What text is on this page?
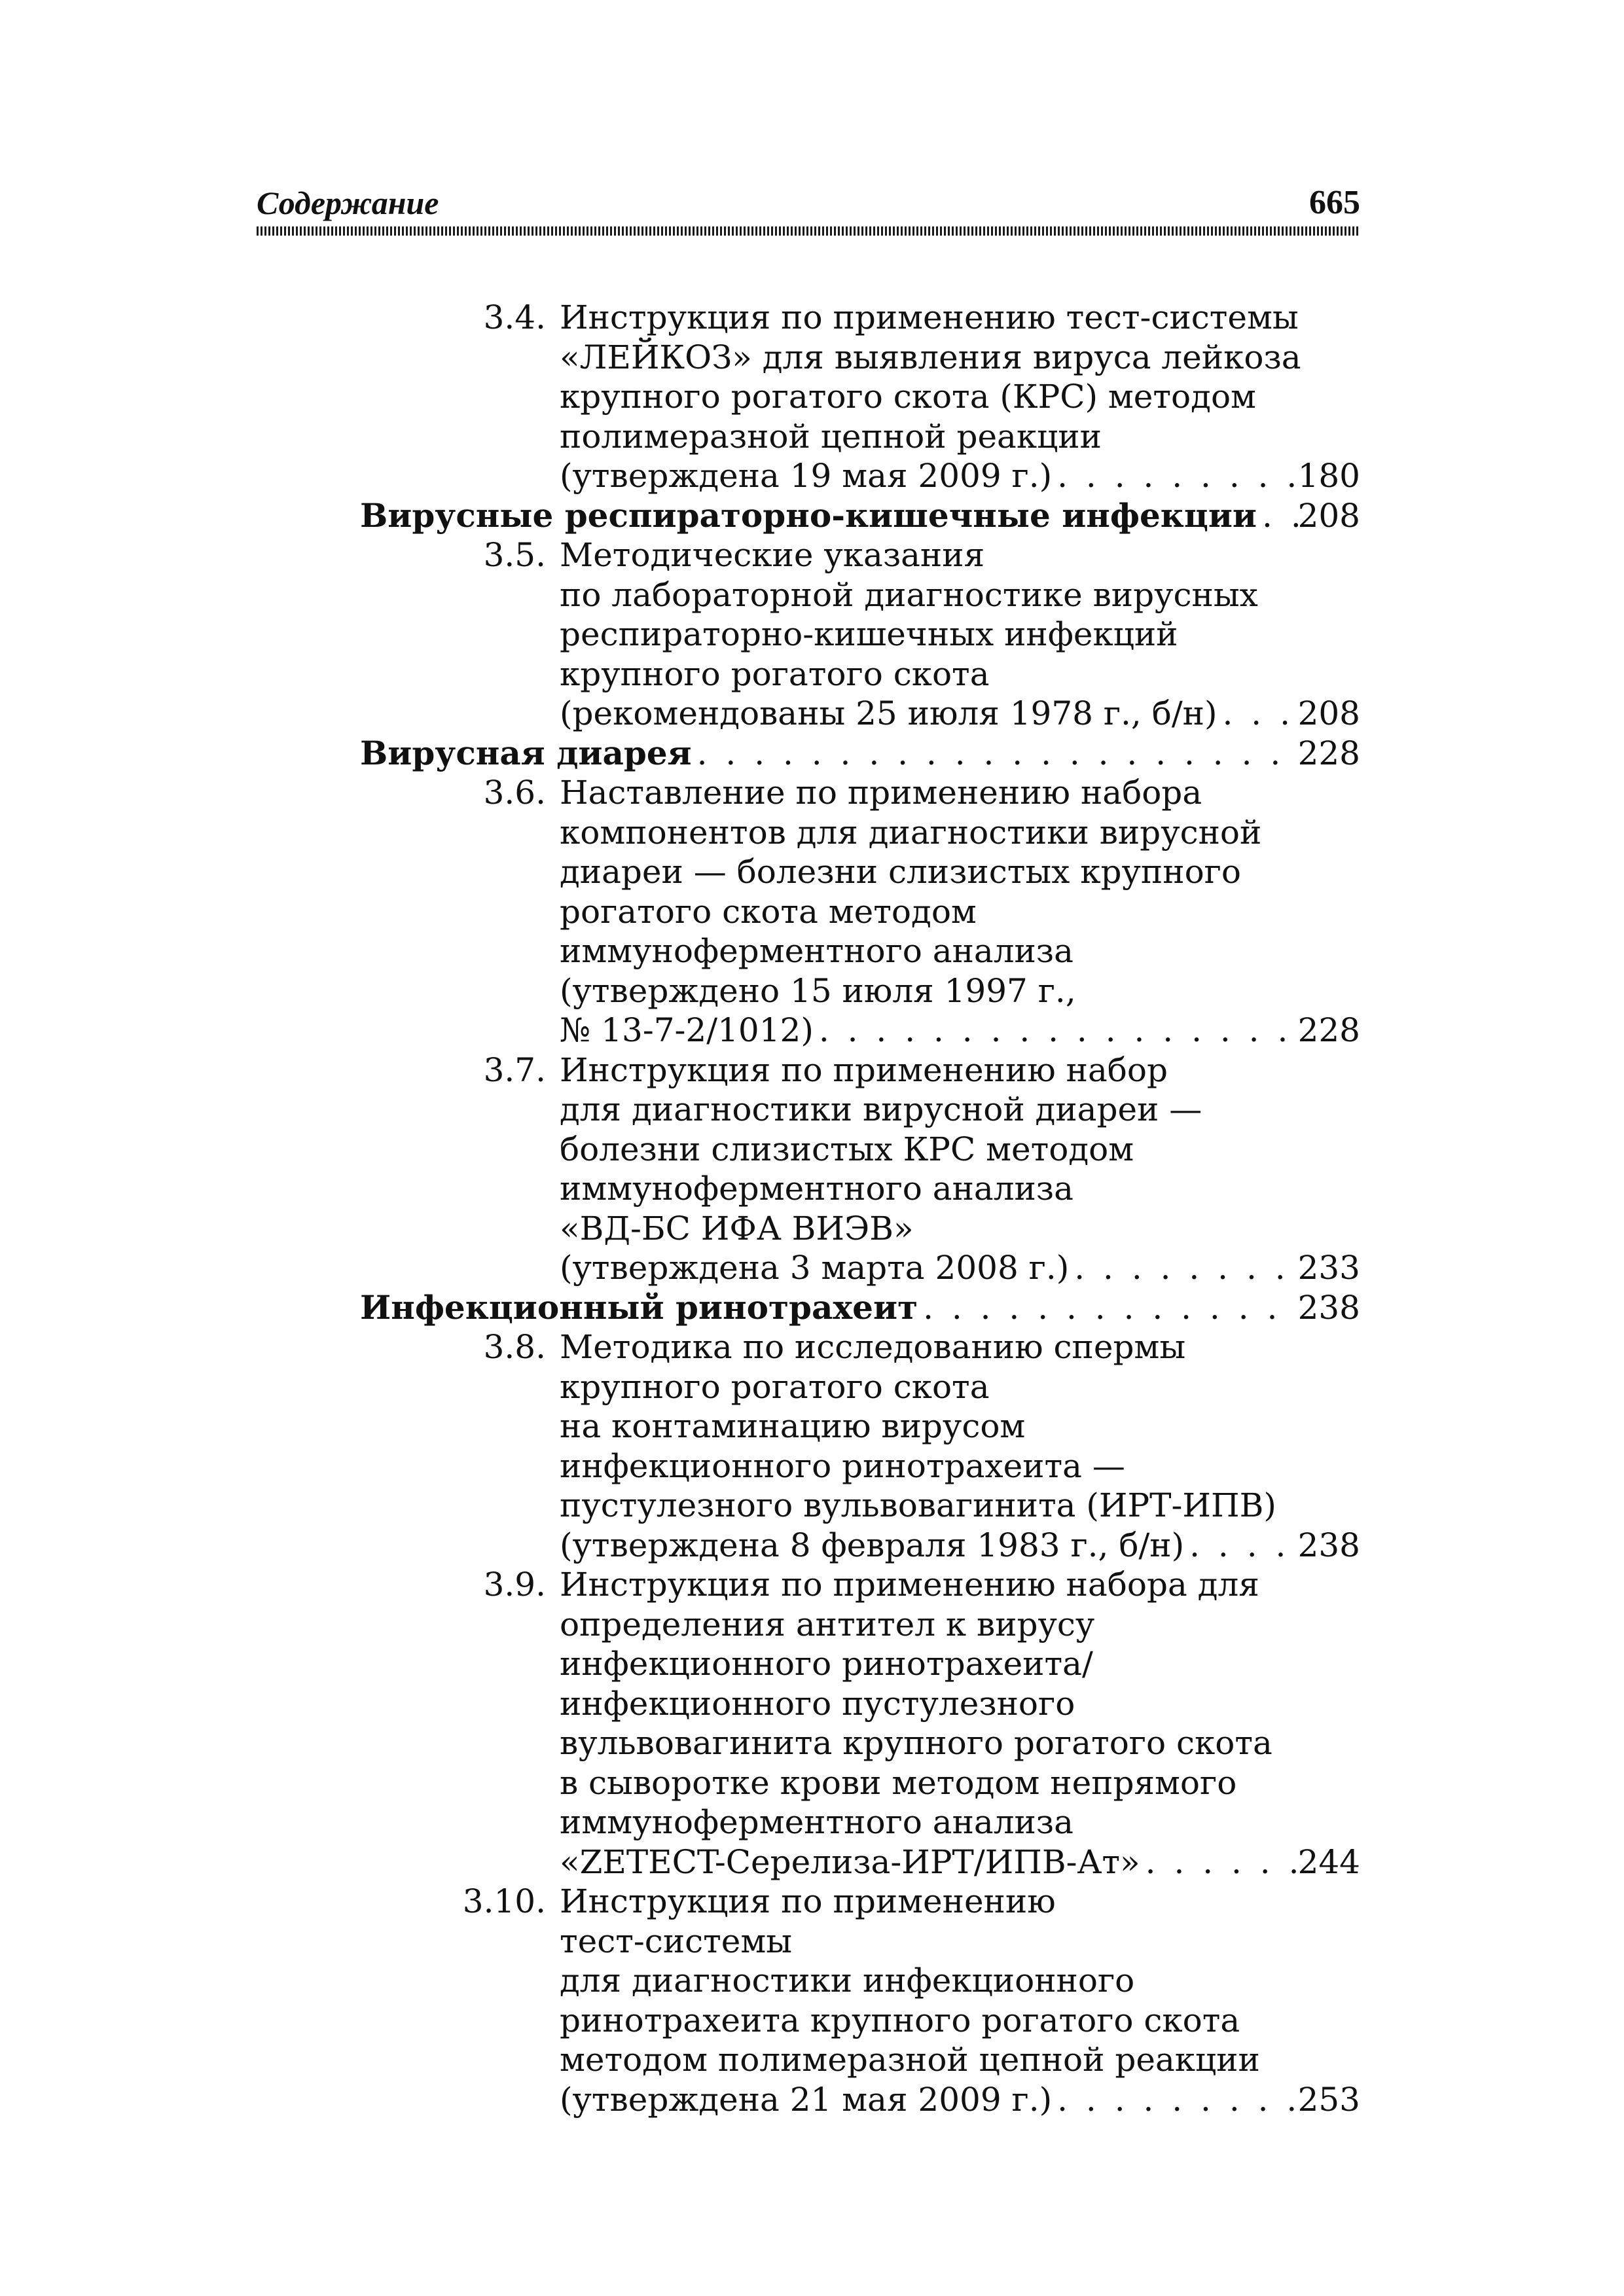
Содержание	665
3.4. Инструкция по применению тест-системы
«ЛЕЙКОЗ» для выявления вируса лейкоза
крупного рогатого скота (КРС) методом
полимеразной цепной реакции
(утверждена 19 мая 2009 г.) . . .	180
Вирусные респираторно-кишечные инфекции . . . 208
3.5. Методические указания
по лабораторной диагностике вирусных
респираторно-кишечных инфекций
крупного рогатого скота
(рекомендованы 25 июля 1978 г., б/н) . . . 208
Вирусная диарея . . .	228
3.6. Наставление по применению набора
компонентов для диагностики вирусной
диареи — болезни слизистых крупного
рогатого скота методом
иммуноферментного анализа
(утверждено 15 июля 1997 г.,
№ 13-7-2/1012) . . .	228
3.7. Инструкция по применению набор
для диагностики вирусной диареи —
болезни слизистых КРС методом
иммуноферментного анализа
«ВД-БС ИФА ВИЭВ»
(утверждена 3 марта 2008 г.) . . .	233
Инфекционный ринотрахеит . . .	238
3.8. Методика по исследованию спермы
крупного рогатого скота
на контаминацию вирусом
инфекционного ринотрахеита —
пустулезного вульвовагинита (ИРТ-ИПВ)
(утверждена 8 февраля 1983 г., б/н) . . .	238
3.9. Инструкция по применению набора для
определения антител к вирусу
инфекционного ринотрахеита/
инфекционного пустулезного
вульвовагинита крупного рогатого скота
в сыворотке крови методом непрямого
иммуноферментного анализа
«ZETECT-Серелиза-ИРТ/ИПВ-Ат» . . .	244
3.10. Инструкция по применению
тест-системы
для диагностики инфекционного
ринотрахеита крупного рогатого скота
методом полимеразной цепной реакции
(утверждена 21 мая 2009 г.) . . .	253
